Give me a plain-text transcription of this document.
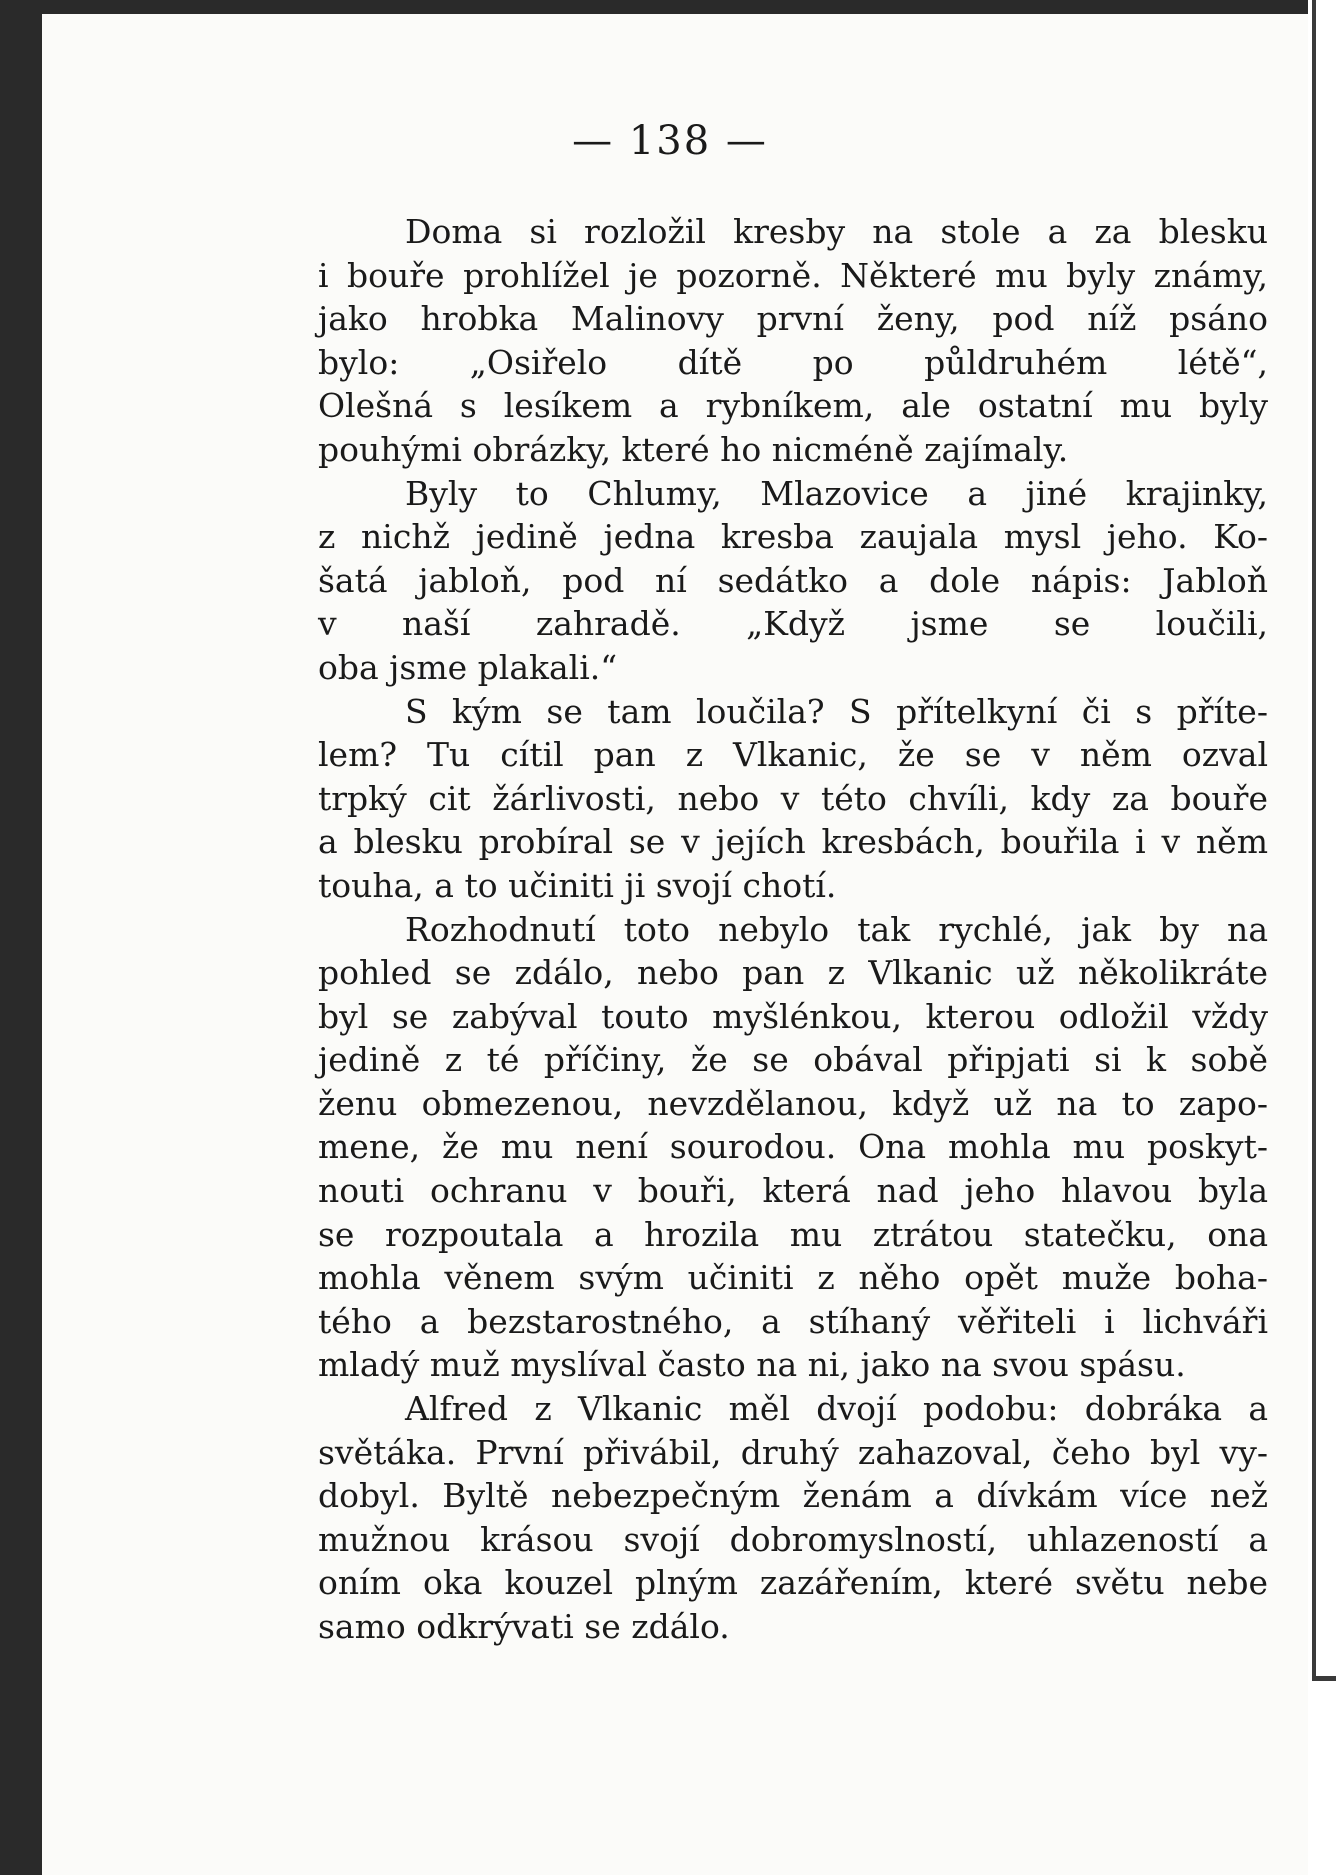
— 138 —
Doma si rozložil kresby na stole a za blesku
i bouře prohlížel je pozorně. Některé mu byly známy,
jako hrobka Malinovy první ženy, pod níž psáno
bylo: „Osiřelo dítě po půldruhém létě“,
Olešná s lesíkem a rybníkem, ale ostatní mu byly
pouhými obrázky, které ho nicméně zajímaly.
Byly to Chlumy, Mlazovice a jiné krajinky,
z nichž jedině jedna kresba zaujala mysl jeho. Ko-
šatá jabloň, pod ní sedátko a dole nápis: Jabloň
v naší zahradě. „Když jsme se loučili,
oba jsme plakali.“
S kým se tam loučila? S přítelkyní či s příte-
lem? Tu cítil pan z Vlkanic, že se v něm ozval
trpký cit žárlivosti, nebo v této chvíli, kdy za bouře
a blesku probíral se v jejích kresbách, bouřila i v něm
touha, a to učiniti ji svojí chotí.
Rozhodnutí toto nebylo tak rychlé, jak by na
pohled se zdálo, nebo pan z Vlkanic už několikráte
byl se zabýval touto myšlénkou, kterou odložil vždy
jedině z té příčiny, že se obával připjati si k sobě
ženu obmezenou, nevzdělanou, když už na to zapo-
mene, že mu není sourodou. Ona mohla mu poskyt-
nouti ochranu v bouři, která nad jeho hlavou byla
se rozpoutala a hrozila mu ztrátou statečku, ona
mohla věnem svým učiniti z něho opět muže boha-
tého a bezstarostného, a stíhaný věřiteli i lichváři
mladý muž myslíval často na ni, jako na svou spásu.
Alfred z Vlkanic měl dvojí podobu: dobráka a
světáka. První přivábil, druhý zahazoval, čeho byl vy-
dobyl. Byltě nebezpečným ženám a dívkám více než
mužnou krásou svojí dobromyslností, uhlazeností a
oním oka kouzel plným zazářením, které světu nebe
samo odkrývati se zdálo.
